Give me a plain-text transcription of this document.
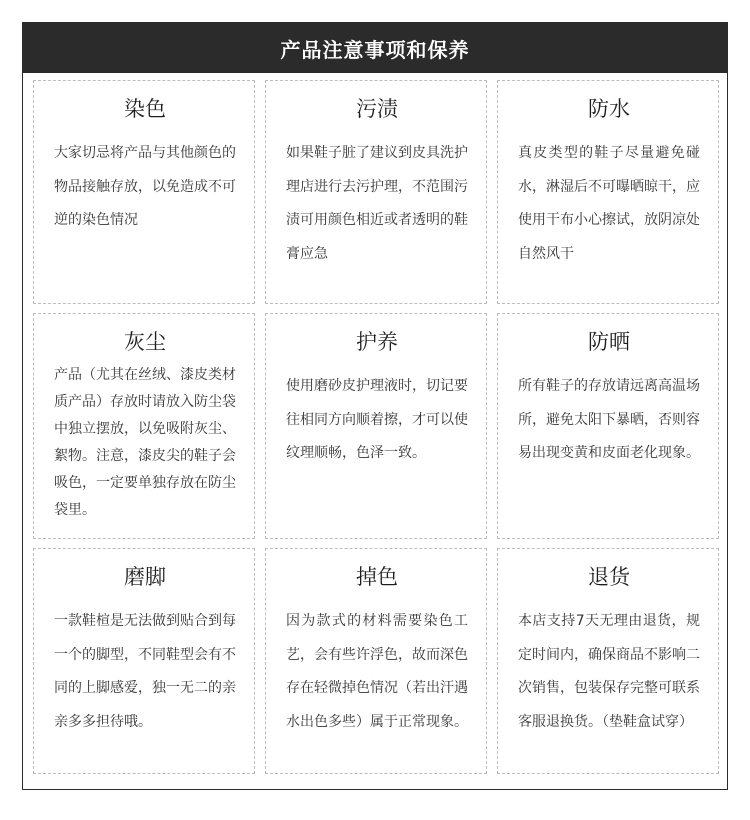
产品注意事项和保养
染色
大家切忌将产品与其他颜色的物品接触存放，以免造成不可逆的染色情况
污渍
如果鞋子脏了建议到皮具洗护理店进行去污护理，不范围污渍可用颜色相近或者透明的鞋膏应急
防水
真皮类型的鞋子尽量避免碰水，淋湿后不可曝晒晾干，应使用干布小心擦试，放阴凉处自然风干
灰尘
产品（尤其在丝绒、漆皮类材质产品）存放时请放入防尘袋中独立摆放，以免吸附灰尘、絮物。注意，漆皮尖的鞋子会吸色，一定要单独存放在防尘袋里。
护养
使用磨砂皮护理液时，切记要往相同方向顺着擦，才可以使纹理顺畅，色泽一致。
防晒
所有鞋子的存放请远离高温场所，避免太阳下暴晒，否则容易出现变黄和皮面老化现象。
磨脚
一款鞋楦是无法做到贴合到每一个的脚型，不同鞋型会有不同的上脚感爱，独一无二的亲亲多多担待哦。
掉色
因为款式的材料需要染色工艺，会有些许浮色，故而深色存在轻微掉色情况（若出汗遇水出色多些）属于正常现象。
退货
本店支持7天无理由退货，规定时间内，确保商品不影响二次销售，包装保存完整可联系客服退换货。（垫鞋盒试穿）
